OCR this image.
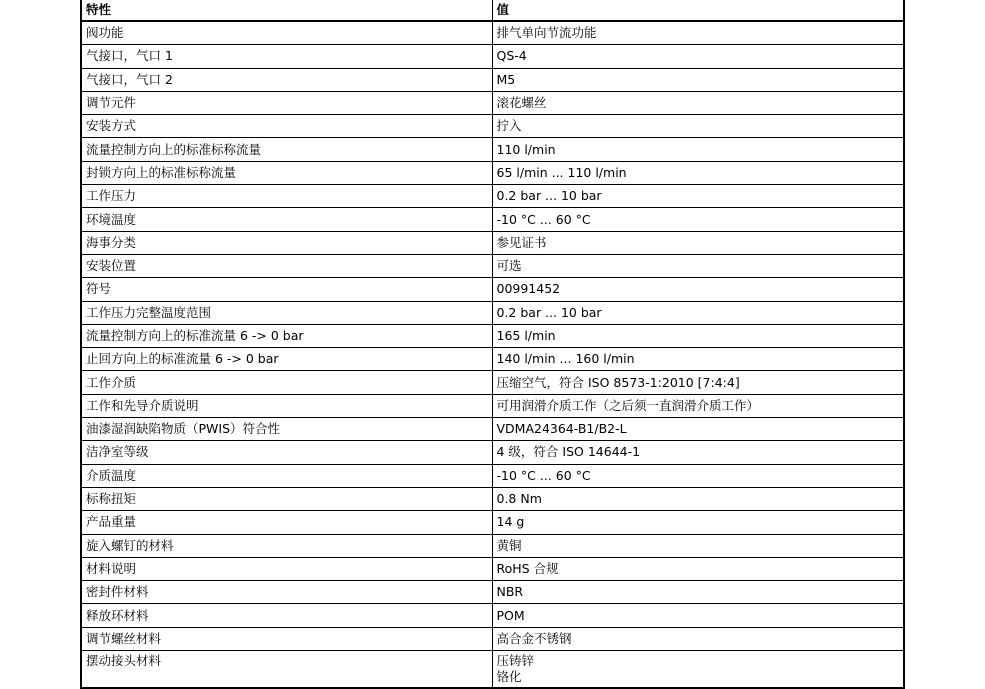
特性	值
阀功能	排气单向节流功能
气接口，气口 1	QS-4
气接口，气口 2	M5
调节元件	滚花螺丝
安装方式	拧入
流量控制方向上的标准标称流量	110 l/min
封锁方向上的标准标称流量	65 l/min ... 110 l/min
工作压力	0.2 bar ... 10 bar
环境温度	-10 °C ... 60 °C
海事分类	参见证书
安装位置	可选
符号	00991452
工作压力完整温度范围	0.2 bar ... 10 bar
流量控制方向上的标准流量 6 -> 0 bar	165 l/min
止回方向上的标准流量 6 -> 0 bar	140 l/min ... 160 l/min
工作介质	压缩空气，符合 ISO 8573-1:2010 [7:4:4]
工作和先导介质说明	可用润滑介质工作（之后须一直润滑介质工作）
油漆湿润缺陷物质（PWIS）符合性	VDMA24364-B1/B2-L
洁净室等级	4 级，符合 ISO 14644-1
介质温度	-10 °C ... 60 °C
标称扭矩	0.8 Nm
产品重量	14 g
旋入螺钉的材料	黄铜
材料说明	RoHS 合规
密封件材料	NBR
释放环材料	POM
调节螺丝材料	高合金不锈钢
摆动接头材料	压铸锌
铬化
